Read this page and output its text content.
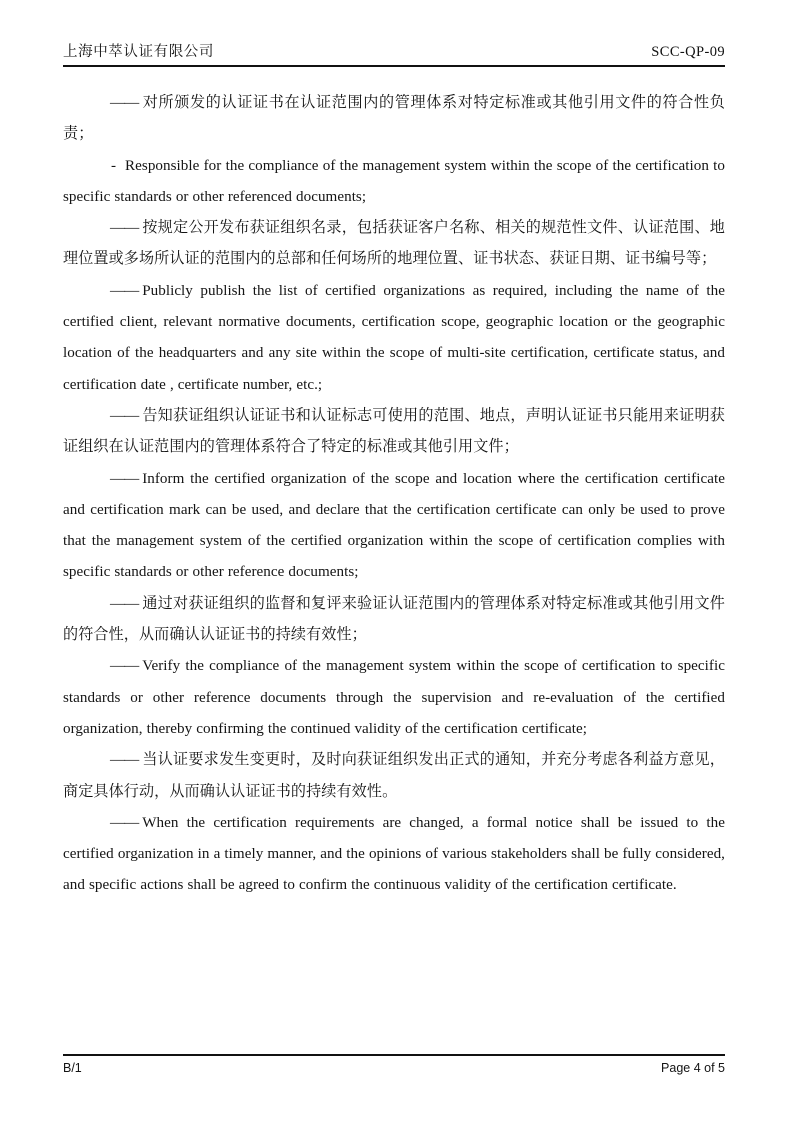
上海中萃认证有限公司	SCC-QP-09

—— 对所颁发的认证证书在认证范围内的管理体系对特定标准或其他引用文件的符合性负责；

- Responsible for the compliance of the management system within the scope of the certification to specific standards or other referenced documents;

—— 按规定公开发布获证组织名录，包括获证客户名称、相关的规范性文件、认证范围、地理位置或多场所认证的范围内的总部和任何场所的地理位置、证书状态、获证日期、证书编号等；

—— Publicly publish the list of certified organizations as required, including the name of the certified client, relevant normative documents, certification scope, geographic location or the geographic location of the headquarters and any site within the scope of multi-site certification, certificate status, and certification date , certificate number, etc.;

—— 告知获证组织认证证书和认证标志可使用的范围、地点，声明认证证书只能用来证明获证组织在认证范围内的管理体系符合了特定的标准或其他引用文件；

—— Inform the certified organization of the scope and location where the certification certificate and certification mark can be used, and declare that the certification certificate can only be used to prove that the management system of the certified organization within the scope of certification complies with specific standards or other reference documents;

—— 通过对获证组织的监督和复评来验证认证范围内的管理体系对特定标准或其他引用文件的符合性，从而确认认证证书的持续有效性；

—— Verify the compliance of the management system within the scope of certification to specific standards or other reference documents through the supervision and re-evaluation of the certified organization, thereby confirming the continued validity of the certification certificate;

—— 当认证要求发生变更时，及时向获证组织发出正式的通知，并充分考虑各利益方意见，商定具体行动，从而确认认证证书的持续有效性。

—— When the certification requirements are changed, a formal notice shall be issued to the certified organization in a timely manner, and the opinions of various stakeholders shall be fully considered, and specific actions shall be agreed to confirm the continuous validity of the certification certificate.

B/1	Page 4 of 5
